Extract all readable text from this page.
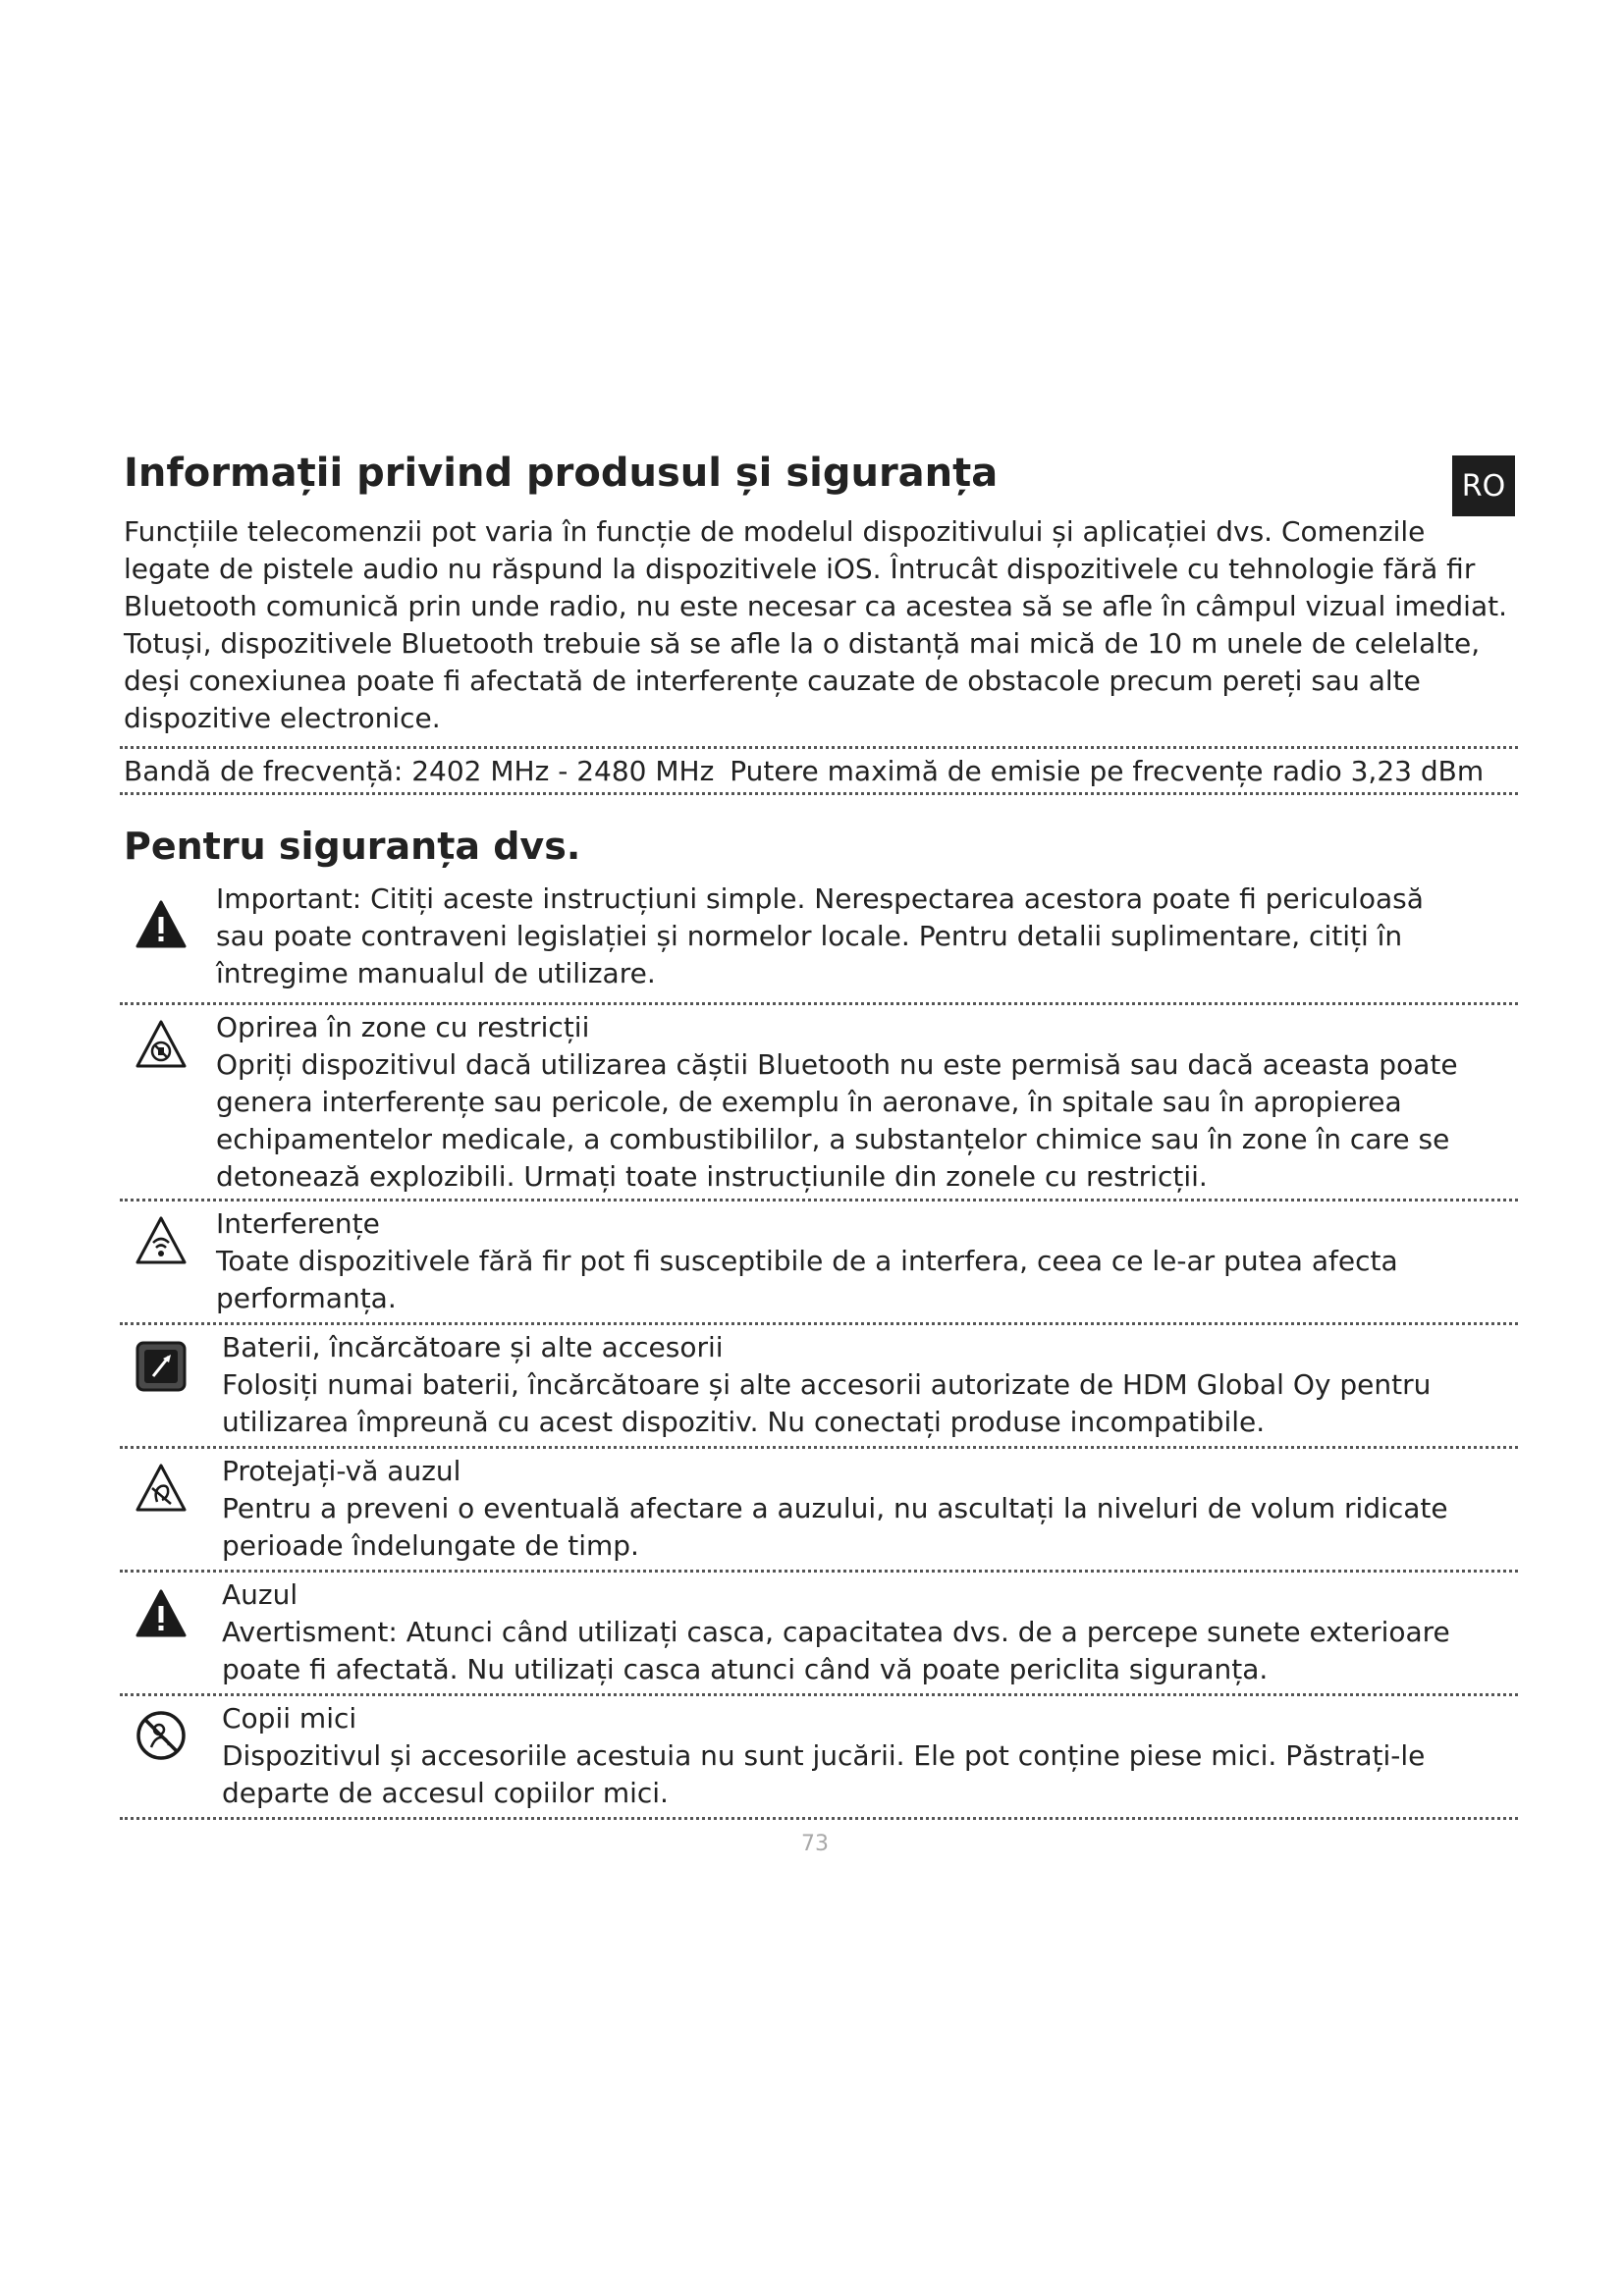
Informații privind produsul și siguranța	RO
Funcțiile telecomenzii pot varia în funcție de modelul dispozitivului și aplicației dvs. Comenzile
legate de pistele audio nu răspund la dispozitivele iOS. Întrucât dispozitivele cu tehnologie fără fir
Bluetooth comunică prin unde radio, nu este necesar ca acestea să se afle în câmpul vizual imediat.
Totuși, dispozitivele Bluetooth trebuie să se afle la o distanță mai mică de 10 m unele de celelalte,
deși conexiunea poate fi afectată de interferențe cauzate de obstacole precum pereți sau alte
dispozitive electronice.
Bandă de frecvență: 2402 MHz - 2480 MHz Putere maximă de emisie pe frecvențe radio 3,23 dBm
Pentru siguranța dvs.
Important: Citiți aceste instrucțiuni simple. Nerespectarea acestora poate fi periculoasă
sau poate contraveni legislației și normelor locale. Pentru detalii suplimentare, citiți în
întregime manualul de utilizare.
Oprirea în zone cu restricții
Opriți dispozitivul dacă utilizarea căștii Bluetooth nu este permisă sau dacă aceasta poate
genera interferențe sau pericole, de exemplu în aeronave, în spitale sau în apropierea
echipamentelor medicale, a combustibililor, a substanțelor chimice sau în zone în care se
detonează explozibili. Urmați toate instrucțiunile din zonele cu restricții.
Interferențe
Toate dispozitivele fără fir pot fi susceptibile de a interfera, ceea ce le-ar putea afecta
performanța.
Baterii, încărcătoare și alte accesorii
Folosiți numai baterii, încărcătoare și alte accesorii autorizate de HDM Global Oy pentru
utilizarea împreună cu acest dispozitiv. Nu conectați produse incompatibile.
Protejați-vă auzul
Pentru a preveni o eventuală afectare a auzului, nu ascultați la niveluri de volum ridicate
perioade îndelungate de timp.
Auzul
Avertisment: Atunci când utilizați casca, capacitatea dvs. de a percepe sunete exterioare
poate fi afectată. Nu utilizați casca atunci când vă poate periclita siguranța.
Copii mici
Dispozitivul și accesoriile acestuia nu sunt jucării. Ele pot conține piese mici. Păstrați-le
departe de accesul copiilor mici.
73
